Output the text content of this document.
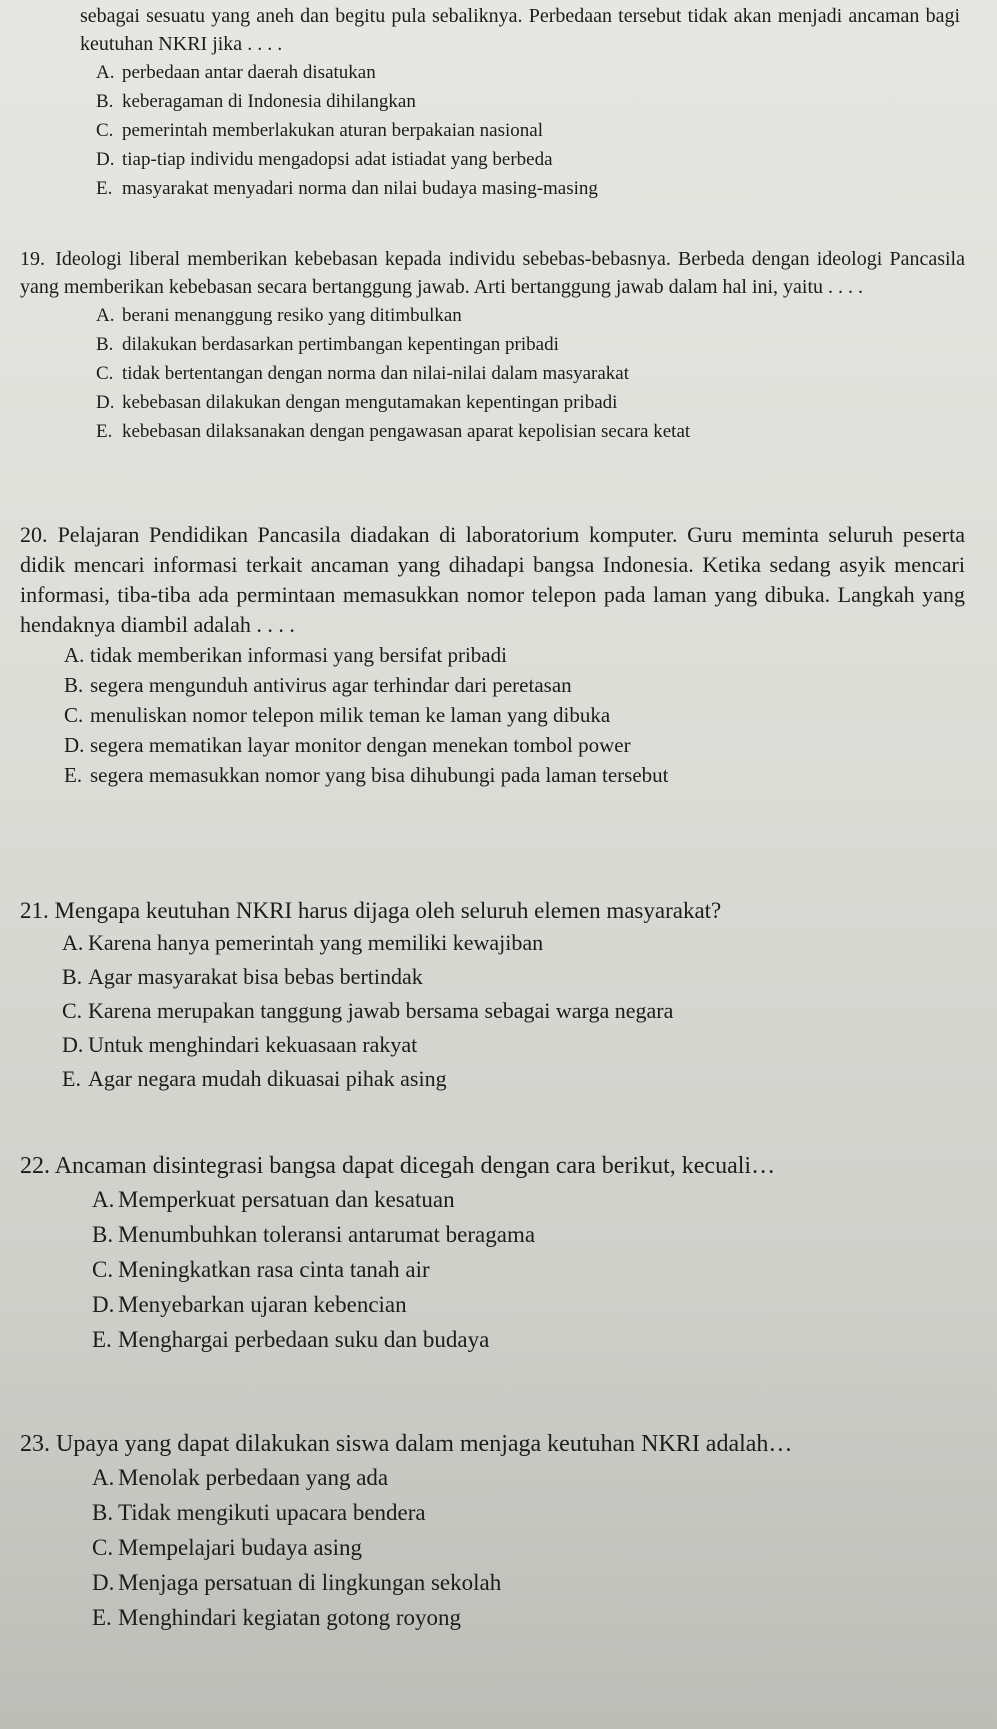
sebagai sesuatu yang aneh dan begitu pula sebaliknya. Perbedaan tersebut tidak akan menjadi ancaman bagi keutuhan NKRI jika . . . .

A. perbedaan antar daerah disatukan
B. keberagaman di Indonesia dihilangkan
C. pemerintah memberlakukan aturan berpakaian nasional
D. tiap-tiap individu mengadopsi adat istiadat yang berbeda
E. masyarakat menyadari norma dan nilai budaya masing-masing

19. Ideologi liberal memberikan kebebasan kepada individu sebebas-bebasnya. Berbeda dengan ideologi Pancasila yang memberikan kebebasan secara bertanggung jawab. Arti bertanggung jawab dalam hal ini, yaitu . . . .

A. berani menanggung resiko yang ditimbulkan
B. dilakukan berdasarkan pertimbangan kepentingan pribadi
C. tidak bertentangan dengan norma dan nilai-nilai dalam masyarakat
D. kebebasan dilakukan dengan mengutamakan kepentingan pribadi
E. kebebasan dilaksanakan dengan pengawasan aparat kepolisian secara ketat

20. Pelajaran Pendidikan Pancasila diadakan di laboratorium komputer. Guru meminta seluruh peserta didik mencari informasi terkait ancaman yang dihadapi bangsa Indonesia. Ketika sedang asyik mencari informasi, tiba-tiba ada permintaan memasukkan nomor telepon pada laman yang dibuka. Langkah yang hendaknya diambil adalah . . . .

A. tidak memberikan informasi yang bersifat pribadi
B. segera mengunduh antivirus agar terhindar dari peretasan
C. menuliskan nomor telepon milik teman ke laman yang dibuka
D. segera mematikan layar monitor dengan menekan tombol power
E. segera memasukkan nomor yang bisa dihubungi pada laman tersebut

21. Mengapa keutuhan NKRI harus dijaga oleh seluruh elemen masyarakat?

A. Karena hanya pemerintah yang memiliki kewajiban
B. Agar masyarakat bisa bebas bertindak
C. Karena merupakan tanggung jawab bersama sebagai warga negara
D. Untuk menghindari kekuasaan rakyat
E. Agar negara mudah dikuasai pihak asing

22. Ancaman disintegrasi bangsa dapat dicegah dengan cara berikut, kecuali…

A. Memperkuat persatuan dan kesatuan
B. Menumbuhkan toleransi antarumat beragama
C. Meningkatkan rasa cinta tanah air
D. Menyebarkan ujaran kebencian
E. Menghargai perbedaan suku dan budaya

23. Upaya yang dapat dilakukan siswa dalam menjaga keutuhan NKRI adalah…

A. Menolak perbedaan yang ada
B. Tidak mengikuti upacara bendera
C. Mempelajari budaya asing
D. Menjaga persatuan di lingkungan sekolah
E. Menghindari kegiatan gotong royong
